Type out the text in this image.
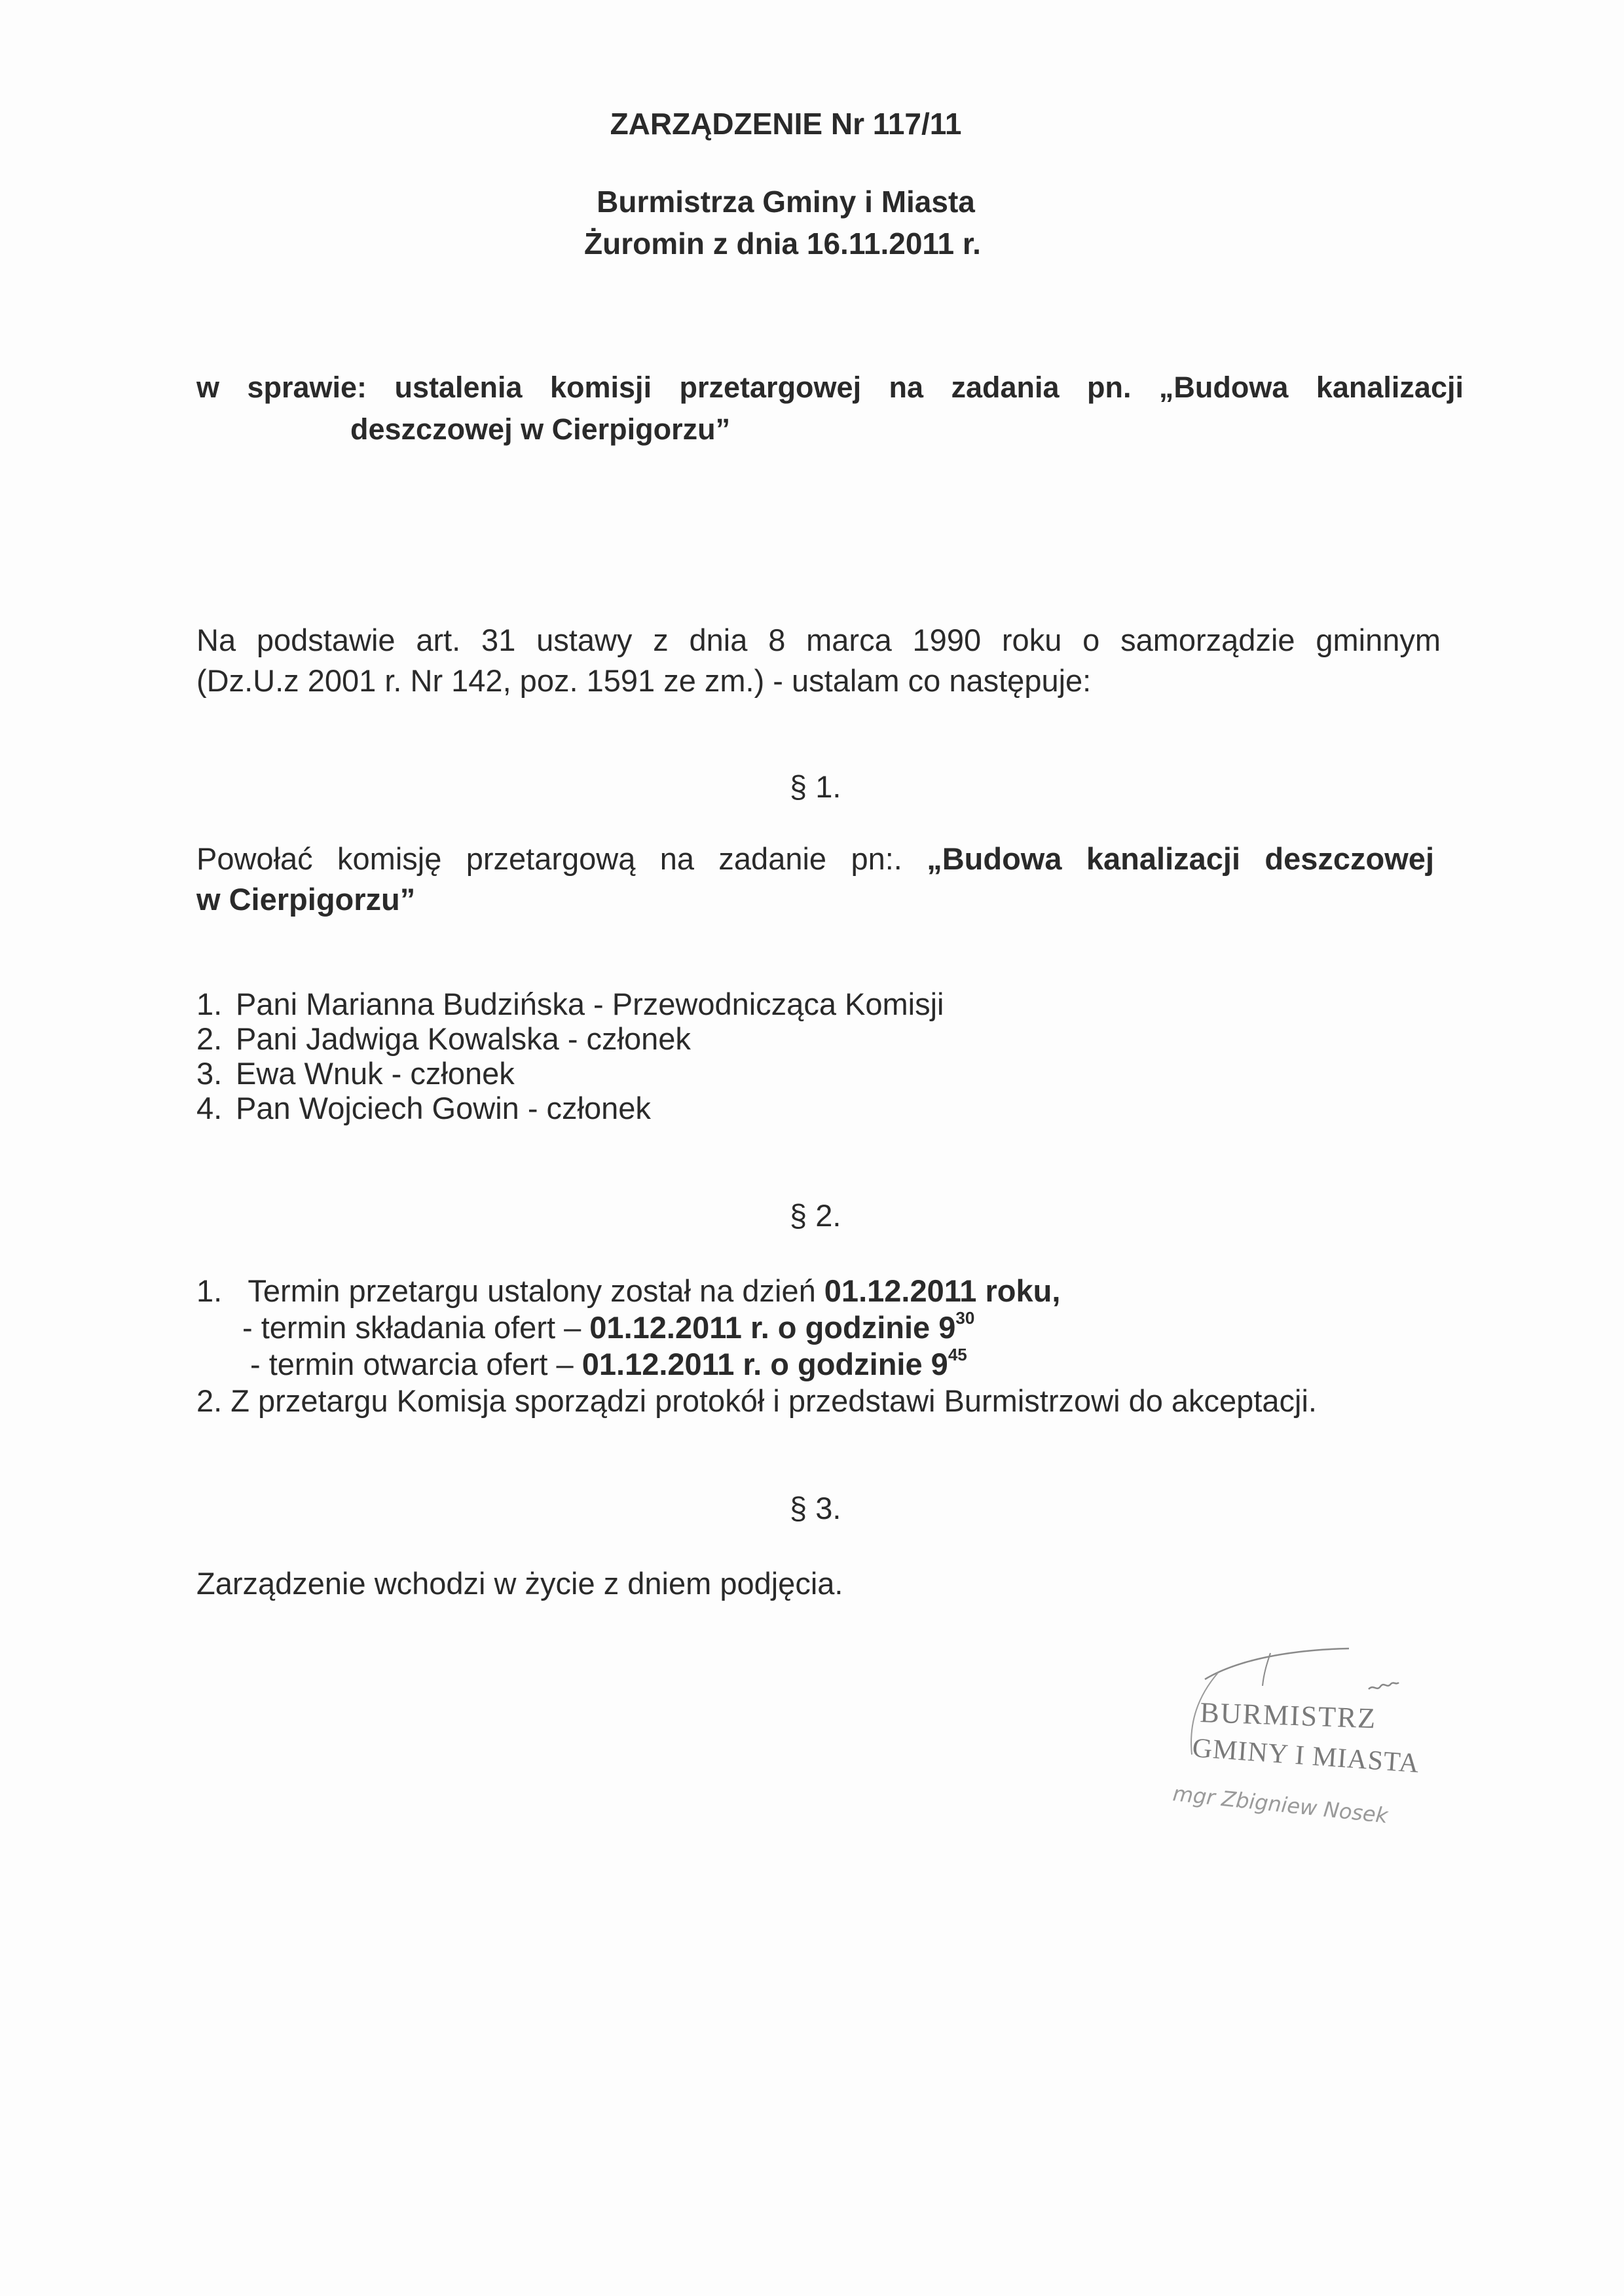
ZARZĄDZENIE Nr 117/11
Burmistrza Gminy i Miasta
Żuromin z dnia 16.11.2011 r.
w sprawie: ustalenia komisji przetargowej na zadania pn. „Budowa kanalizacji
deszczowej w Cierpigorzu”
Na podstawie art. 31 ustawy z dnia 8 marca 1990 roku o samorządzie gminnym
(Dz.U.z 2001 r. Nr 142, poz. 1591 ze zm.) - ustalam co następuje:
§ 1.
Powołać komisję przetargową na zadanie pn:. „Budowa kanalizacji deszczowej
w Cierpigorzu”
1. Pani Marianna Budzińska - Przewodnicząca Komisji
2. Pani Jadwiga Kowalska - członek
3. Ewa Wnuk - członek
4. Pan Wojciech Gowin - członek
§ 2.
1. Termin przetargu ustalony został na dzień 01.12.2011 roku,
- termin składania ofert – 01.12.2011 r. o godzinie $9^{30}$
- termin otwarcia ofert – 01.12.2011 r. o godzinie $9^{45}$
2. Z przetargu Komisja sporządzi protokół i przedstawi Burmistrzowi do akceptacji.
§ 3.
Zarządzenie wchodzi w życie z dniem podjęcia.
BURMISTRZ
GMINY I MIASTA
mgr Zbigniew Nosek
